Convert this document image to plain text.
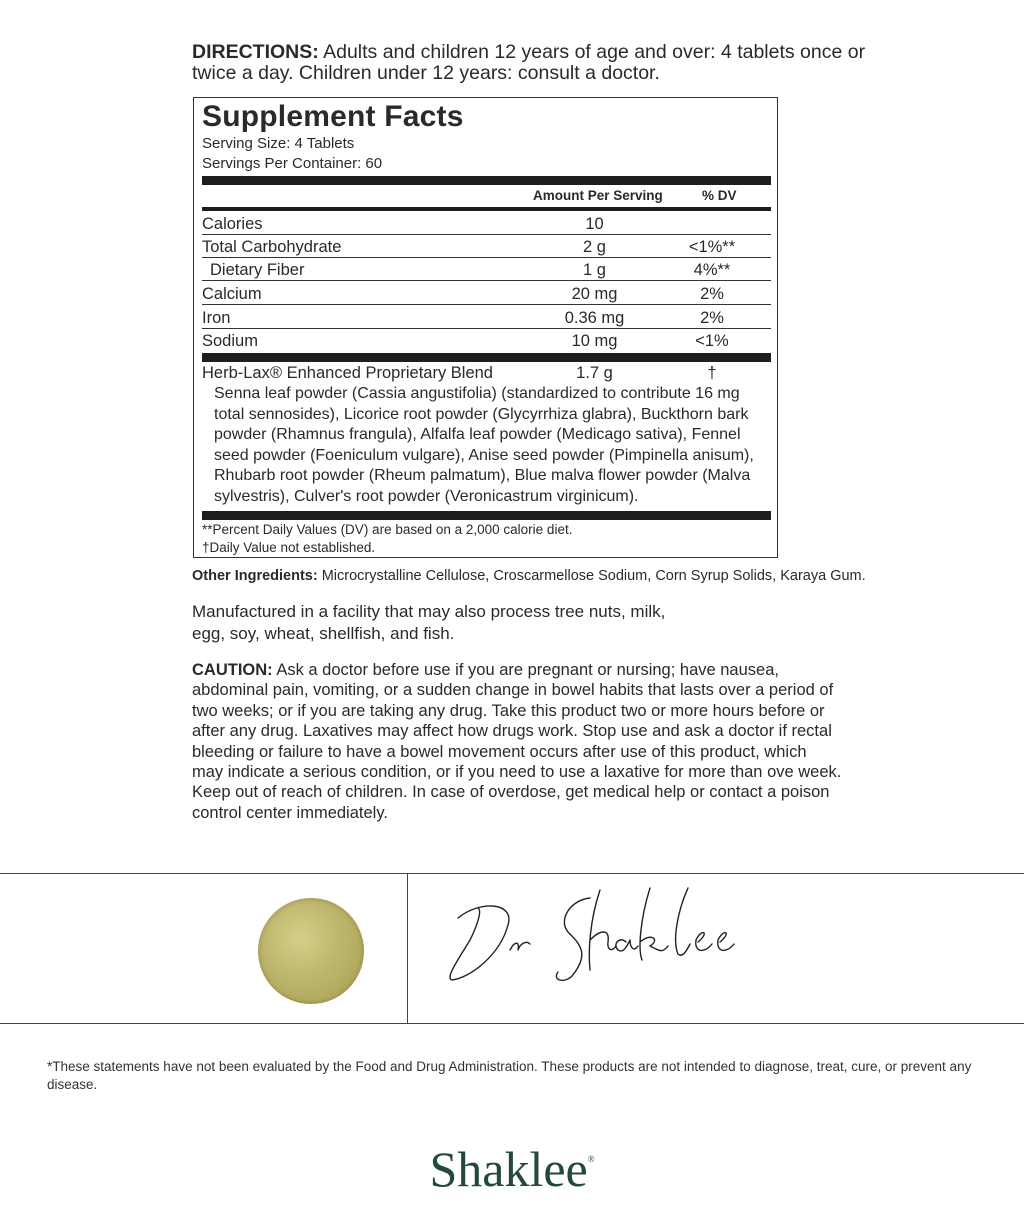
DIRECTIONS: Adults and children 12 years of age and over: 4 tablets once or twice a day. Children under 12 years: consult a doctor.
Supplement Facts
Serving Size: 4 Tablets
Servings Per Container: 60
Amount Per Serving	% DV
Calories	10
Total Carbohydrate	2 g	<1%**
Dietary Fiber	1 g	4%**
Calcium	20 mg	2%
Iron	0.36 mg	2%
Sodium	10 mg	<1%
Herb-Lax® Enhanced Proprietary Blend	1.7 g	†
Senna leaf powder (Cassia angustifolia) (standardized to contribute 16 mg total sennosides), Licorice root powder (Glycyrrhiza glabra), Buckthorn bark powder (Rhamnus frangula), Alfalfa leaf powder (Medicago sativa), Fennel seed powder (Foeniculum vulgare), Anise seed powder (Pimpinella anisum), Rhubarb root powder (Rheum palmatum), Blue malva flower powder (Malva sylvestris), Culver's root powder (Veronicastrum virginicum).
**Percent Daily Values (DV) are based on a 2,000 calorie diet.
†Daily Value not established.
Other Ingredients: Microcrystalline Cellulose, Croscarmellose Sodium, Corn Syrup Solids, Karaya Gum.
Manufactured in a facility that may also process tree nuts, milk, egg, soy, wheat, shellfish, and fish.
CAUTION: Ask a doctor before use if you are pregnant or nursing; have nausea, abdominal pain, vomiting, or a sudden change in bowel habits that lasts over a period of two weeks; or if you are taking any drug. Take this product two or more hours before or after any drug. Laxatives may affect how drugs work. Stop use and ask a doctor if rectal bleeding or failure to have a bowel movement occurs after use of this product, which may indicate a serious condition, or if you need to use a laxative for more than ove week. Keep out of reach of children. In case of overdose, get medical help or contact a poison control center immediately.
*These statements have not been evaluated by the Food and Drug Administration. These products are not intended to diagnose, treat, cure, or prevent any disease.
Shaklee®
